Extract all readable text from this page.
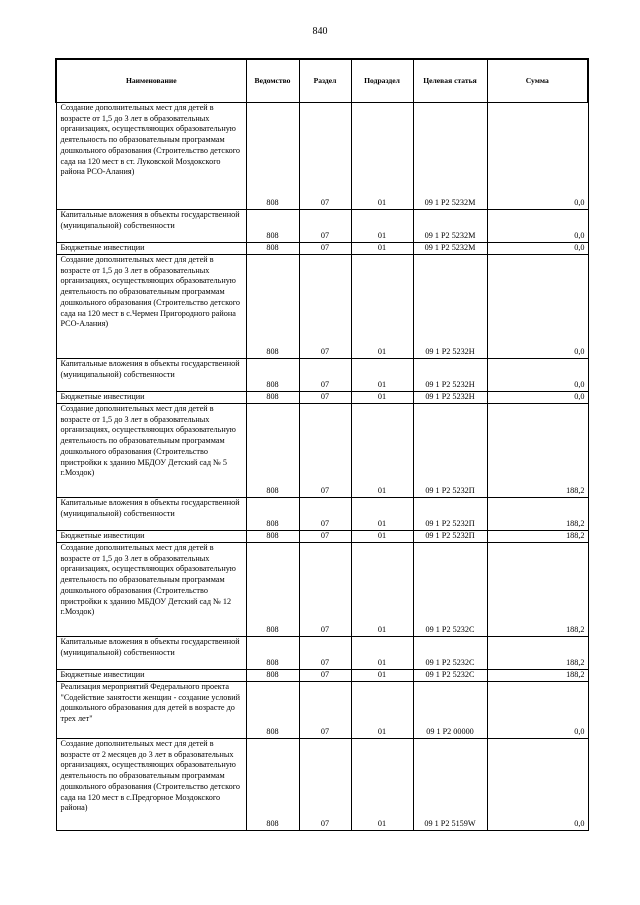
840
Наименование	Ведомство	Раздел	Подраздел	Целевая статья	Сумма
Создание дополнительных мест для детей в возрасте от 1,5 до 3 лет в образовательных организациях, осуществляющих образовательную деятельность по образовательным программам дошкольного образования (Строительство детского сада на 120 мест в ст. Луковской Моздокского района РСО-Алания)	808	07	01	09 1 P2 5232M	0,0
Капитальные вложения в объекты государственной (муниципальной) собственности	808	07	01	09 1 P2 5232M	0,0
Бюджетные инвестиции	808	07	01	09 1 P2 5232M	0,0
Создание дополнительных мест для детей в возрасте от 1,5 до 3 лет в образовательных организациях, осуществляющих образовательную деятельность по образовательным программам дошкольного образования (Строительство детского сада на 120 мест в с.Чермен Пригородного района РСО-Алания)	808	07	01	09 1 P2 5232Н	0,0
Капитальные вложения в объекты государственной (муниципальной) собственности	808	07	01	09 1 P2 5232Н	0,0
Бюджетные инвестиции	808	07	01	09 1 P2 5232Н	0,0
Создание дополнительных мест для детей в возрасте от 1,5 до 3 лет в образовательных организациях, осуществляющих образовательную деятельность по образовательным программам дошкольного образования (Строительство пристройки к зданию МБДОУ Детский сад № 5 г.Моздок)	808	07	01	09 1 P2 5232П	188,2
Капитальные вложения в объекты государственной (муниципальной) собственности	808	07	01	09 1 P2 5232П	188,2
Бюджетные инвестиции	808	07	01	09 1 P2 5232П	188,2
Создание дополнительных мест для детей в возрасте от 1,5 до 3 лет в образовательных организациях, осуществляющих образовательную деятельность по образовательным программам дошкольного образования (Строительство пристройки к зданию МБДОУ Детский сад № 12 г.Моздок)	808	07	01	09 1 P2 5232С	188,2
Капитальные вложения в объекты государственной (муниципальной) собственности	808	07	01	09 1 P2 5232С	188,2
Бюджетные инвестиции	808	07	01	09 1 P2 5232С	188,2
Реализация мероприятий Федерального проекта "Содействие занятости женщин - создание условий дошкольного образования для детей в возрасте до трех лет"	808	07	01	09 1 P2 00000	0,0
Создание дополнительных мест для детей в возрасте от 2 месяцев до 3 лет в образовательных организациях, осуществляющих образовательную деятельность по образовательным программам дошкольного образования (Строительство детского сада на 120 мест в с.Предгорное Моздокского района)	808	07	01	09 1 P2 5159W	0,0
